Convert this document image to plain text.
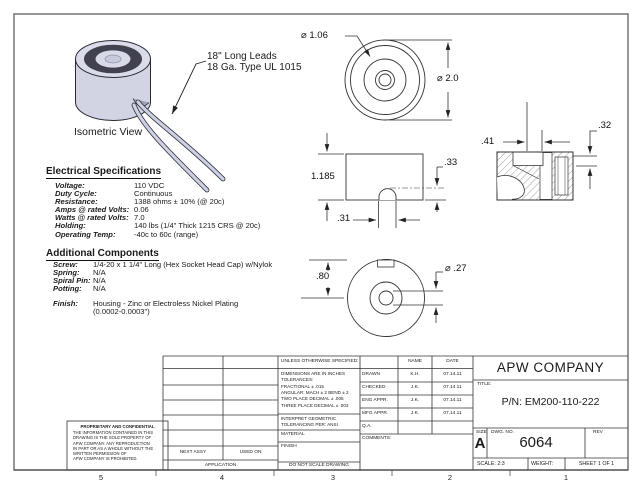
Electrical Specifications
Voltage:	110 VDC
Duty Cycle:	Continuous
Resistance:	1388 ohms ± 10% (@ 20c)
Amps @ rated Volts: 0.06
Watts @ rated Volts: 7.0
Holding:	140 lbs (1/4" Thick 1215 CRS @ 20c)
Operating Temp:	-40c to 60c (range)
Additional Components
Screw:	1/4-20 x 1 1/4" Long (Hex Socket Head Cap) w/Nylok
Spring:	N/A
Spiral Pin: N/A
Potting:	N/A
Finish:	Housing - Zinc or Electroless Nickel Plating
(0.0002-0.0003")
18" Long Leads
18 Ga. Type UL 1015
Isometric View
⌀ 1.06
⌀ 2.0
1.185
.33
.31
.41
.32
.80
⌀ .27
UNLESS OTHERWISE SPECIFIED:
DIMENSIONS ARE IN INCHES
TOLERANCES:
FRACTIONAL ± .015
ANGULAR: MACH ± 2 BEND ± 2
TWO PLACE DECIMAL ± .005
THREE PLACE DECIMAL ± .003
INTERPRET GEOMETRIC
TOLERANCING PER: ANSI
MATERIAL
FINISH
DO NOT SCALE DRAWING
NAME	DATE
DRAWN	K.H.	07.14.11
CHECKED	J.K.	07.14.11
ENG APPR.	J.K.	07.14.11
MFG APPR.	J.K.	07.14.11
Q.A.
COMMENTS:
NEXT ASSY	USED ON
APPLICATION
PROPRIETARY AND CONFIDENTIAL
THE INFORMATION CONTAINED IN THIS
DRAWING IS THE SOLE PROPERTY OF
APW COMPANY. ANY REPRODUCTION
IN PART OR AS A WHOLE WITHOUT THE
WRITTEN PERMISSION OF
APW COMPANY IS PROHIBITED.
APW COMPANY
TITLE:
P/N: EM200-110-222
SIZE
A
DWG. NO.
6064
REV
SCALE: 2:3	WEIGHT:	SHEET 1 OF 1
5	4	3	2	1
